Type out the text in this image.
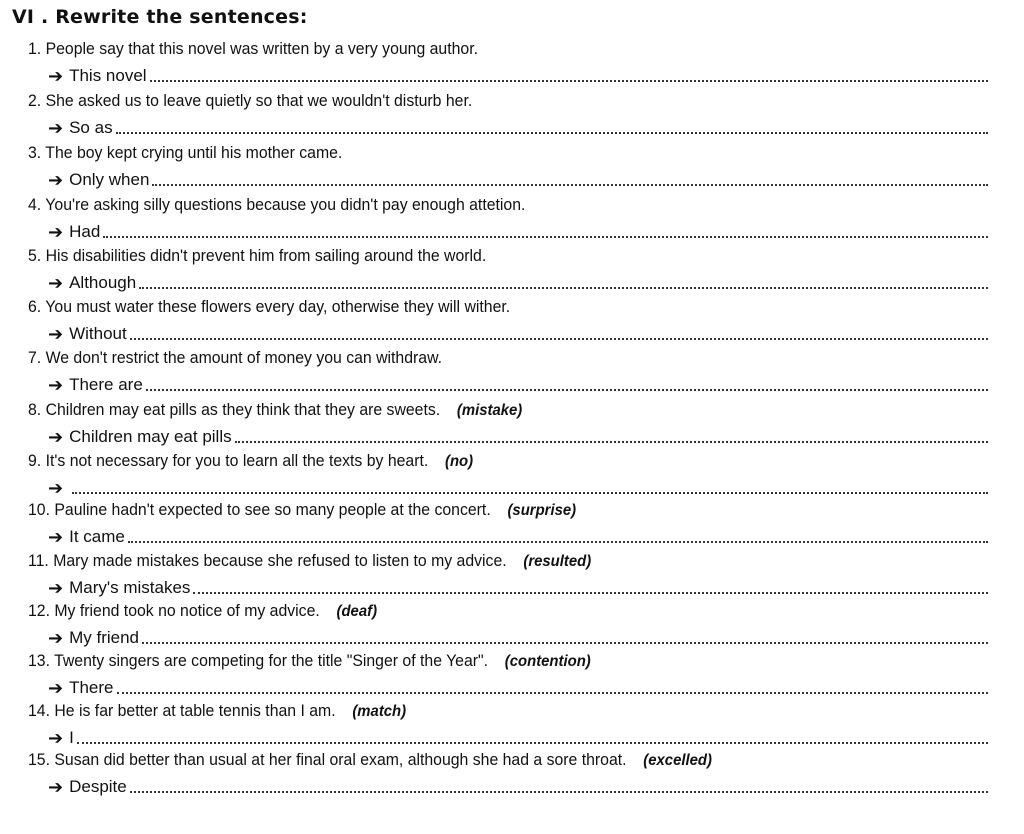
VI . Rewrite the sentences:
1. People say that this novel was written by a very young author.
➔ This novel
2. She asked us to leave quietly so that we wouldn't disturb her.
➔ So as
3. The boy kept crying until his mother came.
➔ Only when
4. You're asking silly questions because you didn't pay enough attetion.
➔ Had
5. His disabilities didn't prevent him from sailing around the world.
➔ Although
6. You must water these flowers every day, otherwise they will wither.
➔ Without
7. We don't restrict the amount of money you can withdraw.
➔ There are
8. Children may eat pills as they think that they are sweets. (mistake)
➔ Children may eat pills
9. It's not necessary for you to learn all the texts by heart. (no)
➔
10. Pauline hadn't expected to see so many people at the concert. (surprise)
➔ It came
11. Mary made mistakes because she refused to listen to my advice. (resulted)
➔ Mary's mistakes
12. My friend took no notice of my advice. (deaf)
➔ My friend
13. Twenty singers are competing for the title "Singer of the Year". (contention)
➔ There
14. He is far better at table tennis than I am. (match)
➔ I
15. Susan did better than usual at her final oral exam, although she had a sore throat. (excelled)
➔ Despite
